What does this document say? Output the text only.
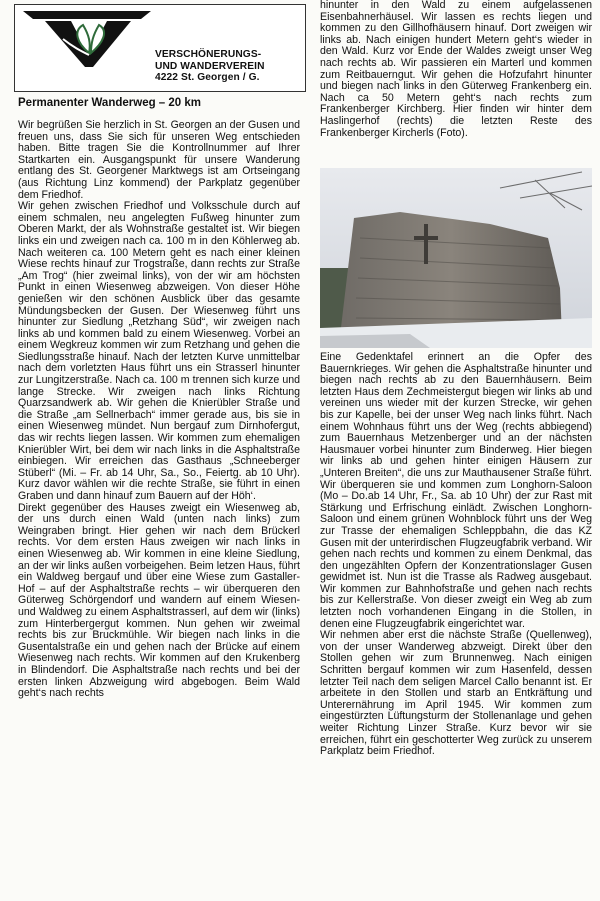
VERSCHÖNERUNGS-
UND WANDERVEREIN
4222 St. Georgen / G.
Permanenter Wanderweg – 20 km

Wir begrüßen Sie herzlich in St. Georgen an der Gusen und freuen uns, dass Sie sich für unseren Weg entschieden haben. Bitte tragen Sie die Kontrollnummer auf Ihrer Startkarten ein. Ausgangspunkt für unsere Wanderung entlang des St. Georgener Marktwegs ist am Ortseingang (aus Richtung Linz kommend) der Parkplatz gegenüber dem Friedhof.

Wir gehen zwischen Friedhof und Volksschule durch auf einem schmalen, neu angelegten Fußweg hinunter zum Oberen Markt, der als Wohnstraße gestaltet ist. Wir biegen links ein und zweigen nach ca. 100 m in den Köhlerweg ab. Nach weiteren ca. 100 Metern geht es nach einer kleinen Wiese rechts hinauf zur Trogstraße, dann rechts zur Straße „Am Trog“ (hier zweimal links), von der wir am höchsten Punkt in einen Wiesenweg abzweigen. Von dieser Höhe genießen wir den schönen Ausblick über das gesamte Mündungsbecken der Gusen. Der Wiesenweg führt uns hinunter zur Siedlung „Retzhang Süd“, wir zweigen nach links ab und kommen bald zu einem Wiesenweg. Vorbei an einem Wegkreuz kommen wir zum Retzhang und gehen die Siedlungsstraße hinauf. Nach der letzten Kurve unmittelbar nach dem vorletzten Haus führt uns ein Strasserl hinunter zur Lungitzerstraße. Nach ca. 100 m trennen sich kurze und lange Strecke. Wir zweigen nach links Richtung Quarzsandwerk ab. Wir gehen die Knierübler Straße und die Straße „am Sellnerbach“ immer gerade aus, bis sie in einen Wiesenweg mündet. Nun bergauf zum Dirnhofergut, das wir rechts liegen lassen. Wir kommen zum ehemaligen Knierübler Wirt, bei dem wir nach links in die Asphaltstraße einbiegen. Wir erreichen das Gasthaus „Schneeberger Stüberl“ (Mi. – Fr. ab 14 Uhr, Sa., So., Feiertg. ab 10 Uhr). Kurz davor wählen wir die rechte Straße, sie führt in einen Graben und dann hinauf zum Bauern auf der Höh‘.

Direkt gegenüber des Hauses zweigt ein Wiesenweg ab, der uns durch einen Wald (unten nach links) zum Weingraben bringt. Hier gehen wir nach dem Brückerl rechts. Vor dem ersten Haus zweigen wir nach links in einen Wiesenweg ab. Wir kommen in eine kleine Siedlung, an der wir links außen vorbeigehen. Beim letzen Haus, führt ein Waldweg bergauf und über eine Wiese zum Gastaller-Hof – auf der Asphaltstraße rechts – wir überqueren den Güterweg Schörgendorf und wandern auf einem Wiesen- und Waldweg zu einem Asphaltstrasserl, auf dem wir (links) zum Hinterbergergut kommen. Nun gehen wir zweimal rechts bis zur Bruckmühle. Wir biegen nach links in die Gusentalstraße ein und gehen nach der Brücke auf einem Wiesenweg nach rechts. Wir kommen auf den Krukenberg in Blindendorf. Die Asphaltstraße nach rechts und bei der ersten linken Abzweigung wird abgebogen. Beim Wald geht‘s nach rechts

hinunter in den Wald zu einem aufgelassenen Eisenbahnerhäusel. Wir lassen es rechts liegen und kommen zu den Gillhofhäusern hinauf. Dort zweigen wir links ab. Nach einigen hundert Metern geht‘s wieder in den Wald. Kurz vor Ende der Waldes zweigt unser Weg nach rechts ab. Wir passieren ein Marterl und kommen zum Reitbauerngut. Wir gehen die Hofzufahrt hinunter und biegen nach links in den Güterweg Frankenberg ein. Nach ca 50 Metern geht‘s nach rechts zum Frankenberger Kirchberg. Hier finden wir hinter dem Haslingerhof (rechts) die letzten Reste des Frankenberger Kircherls (Foto).

Eine Gedenktafel erinnert an die Opfer des Bauernkrieges. Wir gehen die Asphaltstraße hinunter und biegen nach rechts ab zu den Bauernhäusern. Beim letzten Haus dem Zechmeistergut biegen wir links ab und vereinen uns wieder mit der kurzen Strecke, wir gehen bis zur Kapelle, bei der unser Weg nach links führt. Nach einem Wohnhaus führt uns der Weg (rechts abbiegend) zum Bauernhaus Metzenberger und an der nächsten Hausmauer vorbei hinunter zum Binderweg. Hier biegen wir links ab und gehen hinter einigen Häusern zur „Unteren Breiten“, die uns zur Mauthausener Straße führt. Wir überqueren sie und kommen zum Longhorn-Saloon (Mo – Do.ab 14 Uhr, Fr., Sa. ab 10 Uhr) der zur Rast mit Stärkung und Erfrischung einlädt. Zwischen Longhorn-Saloon und einem grünen Wohnblock führt uns der Weg zur Trasse der ehemaligen Schleppbahn, die das KZ Gusen mit der unterirdischen Flugzeugfabrik verband. Wir gehen nach rechts und kommen zu einem Denkmal, das den ungezählten Opfern der Konzentrationslager Gusen gewidmet ist. Nun ist die Trasse als Radweg ausgebaut. Wir kommen zur Bahnhofstraße und gehen nach rechts bis zur Kellerstraße. Von dieser zweigt ein Weg ab zum letzten noch vorhandenen Eingang in die Stollen, in denen eine Flugzeugfabrik eingerichtet war.

Wir nehmen aber erst die nächste Straße (Quellenweg), von der unser Wanderweg abzweigt. Direkt über den Stollen gehen wir zum Brunnenweg. Nach einigen Schritten bergauf kommen wir zum Hasenfeld, dessen letzter Teil nach dem seligen Marcel Callo benannt ist. Er arbeitete in den Stollen und starb an Entkräftung und Unterernährung im April 1945. Wir kommen zum eingestürzten Lüftungsturm der Stollenanlage und gehen weiter Richtung Linzer Straße. Kurz bevor wir sie erreichen, führt ein geschotterter Weg zurück zu unserem Parkplatz beim Friedhof.
